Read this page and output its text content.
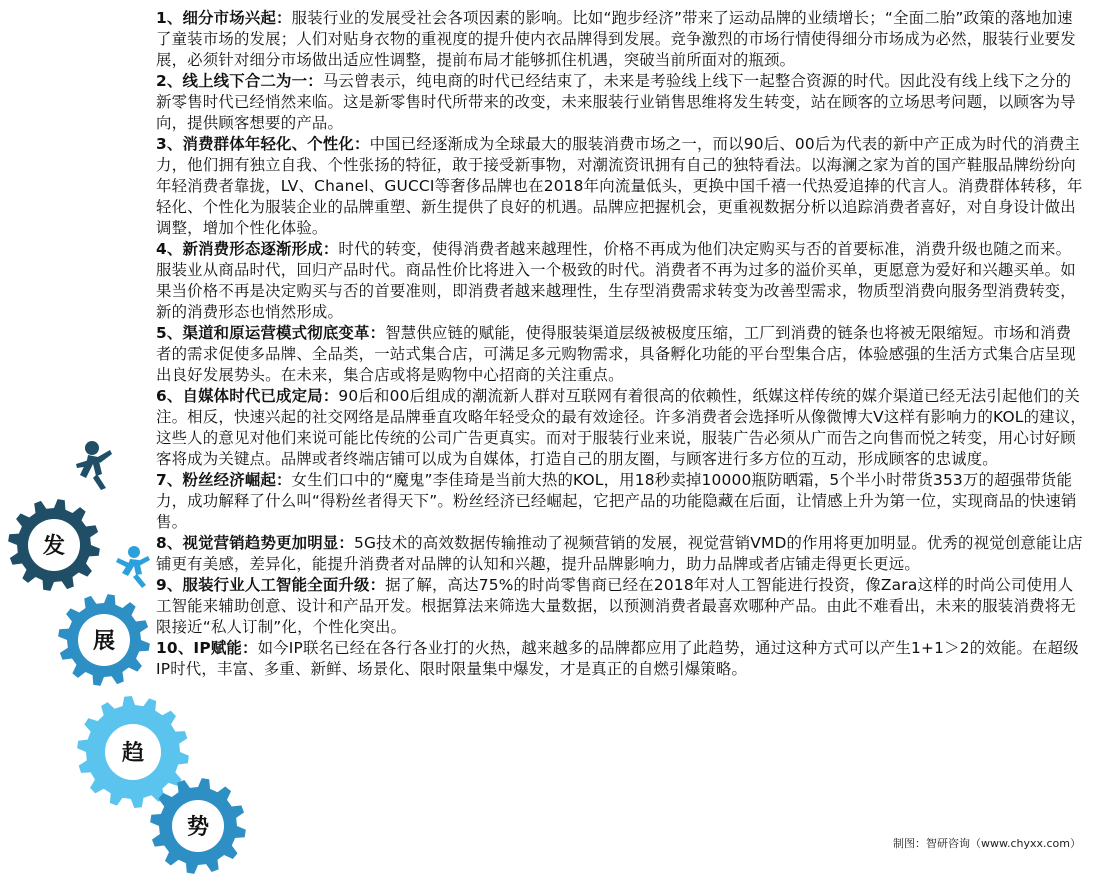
发
展
趋
势

1、细分市场兴起：服装行业的发展受社会各项因素的影响。比如“跑步经济”带来了运动品牌的业绩增长；“全面二胎”政策的落地加速了童装市场的发展；人们对贴身衣物的重视度的提升使内衣品牌得到发展。竞争激烈的市场行情使得细分市场成为必然，服装行业要发展，必须针对细分市场做出适应性调整，提前布局才能够抓住机遇，突破当前所面对的瓶颈。

2、线上线下合二为一：马云曾表示，纯电商的时代已经结束了，未来是考验线上线下一起整合资源的时代。因此没有线上线下之分的新零售时代已经悄然来临。这是新零售时代所带来的改变，未来服装行业销售思维将发生转变，站在顾客的立场思考问题，以顾客为导向，提供顾客想要的产品。

3、消费群体年轻化、个性化：中国已经逐渐成为全球最大的服装消费市场之一，而以90后、00后为代表的新中产正成为时代的消费主力，他们拥有独立自我、个性张扬的特征，敢于接受新事物，对潮流资讯拥有自己的独特看法。以海澜之家为首的国产鞋服品牌纷纷向年轻消费者靠拢，LV、Chanel、GUCCI等奢侈品牌也在2018年向流量低头，更换中国千禧一代热爱追捧的代言人。消费群体转移，年轻化、个性化为服装企业的品牌重塑、新生提供了良好的机遇。品牌应把握机会，更重视数据分析以追踪消费者喜好，对自身设计做出调整，增加个性化体验。

4、新消费形态逐渐形成：时代的转变，使得消费者越来越理性，价格不再成为他们决定购买与否的首要标准，消费升级也随之而来。服装业从商品时代，回归产品时代。商品性价比将进入一个极致的时代。消费者不再为过多的溢价买单，更愿意为爱好和兴趣买单。如果当价格不再是决定购买与否的首要准则，即消费者越来越理性，生存型消费需求转变为改善型需求，物质型消费向服务型消费转变，新的消费形态也悄然形成。

5、渠道和原运营模式彻底变革：智慧供应链的赋能，使得服装渠道层级被极度压缩，工厂到消费的链条也将被无限缩短。市场和消费者的需求促使多品牌、全品类，一站式集合店，可满足多元购物需求，具备孵化功能的平台型集合店，体验感强的生活方式集合店呈现出良好发展势头。在未来，集合店或将是购物中心招商的关注重点。

6、自媒体时代已成定局：90后和00后组成的潮流新人群对互联网有着很高的依赖性，纸媒这样传统的媒介渠道已经无法引起他们的关注。相反，快速兴起的社交网络是品牌垂直攻略年轻受众的最有效途径。许多消费者会选择听从像微博大V这样有影响力的KOL的建议，这些人的意见对他们来说可能比传统的公司广告更真实。而对于服装行业来说，服装广告必须从广而告之向售而悦之转变，用心讨好顾客将成为关键点。品牌或者终端店铺可以成为自媒体，打造自己的朋友圈，与顾客进行多方位的互动，形成顾客的忠诚度。

7、粉丝经济崛起：女生们口中的“魔鬼”李佳琦是当前大热的KOL，用18秒卖掉10000瓶防晒霜，5个半小时带货353万的超强带货能力，成功解释了什么叫“得粉丝者得天下”。粉丝经济已经崛起，它把产品的功能隐藏在后面，让情感上升为第一位，实现商品的快速销售。

8、视觉营销趋势更加明显：5G技术的高效数据传输推动了视频营销的发展，视觉营销VMD的作用将更加明显。优秀的视觉创意能让店铺更有美感，差异化，能提升消费者对品牌的认知和兴趣，提升品牌影响力，助力品牌或者店铺走得更长更远。

9、服装行业人工智能全面升级：据了解，高达75%的时尚零售商已经在2018年对人工智能进行投资，像Zara这样的时尚公司使用人工智能来辅助创意、设计和产品开发。根据算法来筛选大量数据，以预测消费者最喜欢哪种产品。由此不难看出，未来的服装消费将无限接近“私人订制”化，个性化突出。

10、IP赋能：如今IP联名已经在各行各业打的火热，越来越多的品牌都应用了此趋势，通过这种方式可以产生1+1＞2的效能。在超级IP时代，丰富、多重、新鲜、场景化、限时限量集中爆发，才是真正的自燃引爆策略。

制图：智研咨询（www.chyxx.com）
